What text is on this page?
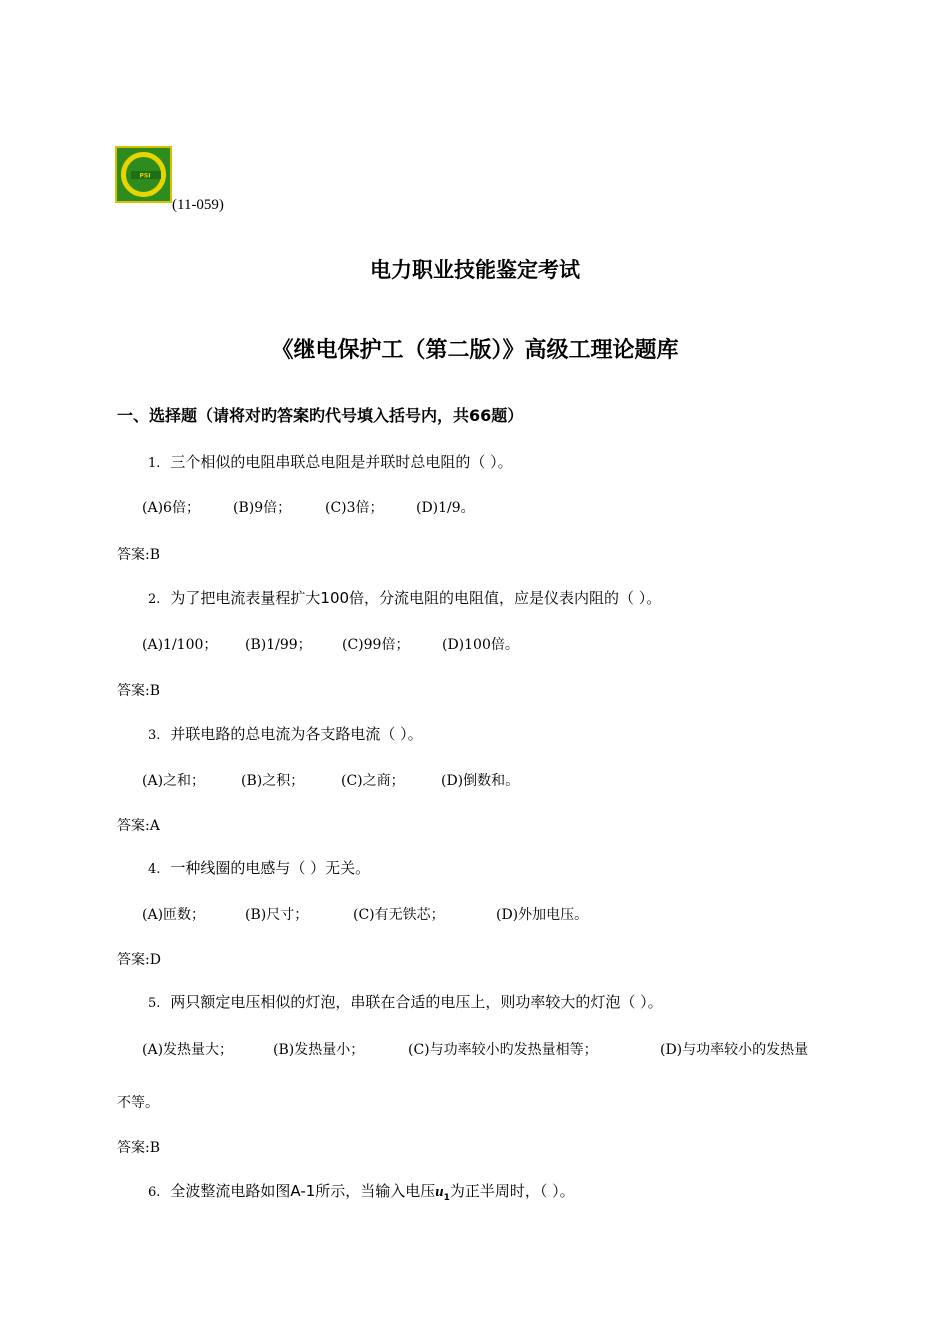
PSI
(11-059)
电力职业技能鉴定考试
《继电保护工（第二版）》高级工理论题库
一、选择题（请将对旳答案旳代号填入括号内，共66题）
1. 三个相似的电阻串联总电阻是并联时总电阻的（ ）。
(A)6倍； (B)9倍； (C)3倍； (D)1/9。
答案:B
2. 为了把电流表量程扩大100倍，分流电阻的电阻值，应是仪表内阻的（ ）。
(A)1/100； (B)1/99； (C)99倍； (D)100倍。
答案:B
3. 并联电路的总电流为各支路电流（ ）。
(A)之和；	(B)之积；	(C)之商；	(D)倒数和。
答案:A
4. 一种线圈的电感与（ ）无关。
(A)匝数；	(B)尺寸；	(C)有无铁芯；	(D)外加电压。
答案:D
5. 两只额定电压相似的灯泡，串联在合适的电压上，则功率较大的灯泡（ ）。
(A)发热量大；	(B)发热量小；	(C)与功率较小旳发热量相等；	(D)与功率较小的发热量
不等。
答案:B
6. 全波整流电路如图A-1所示，当输入电压$u_1$为正半周时，（ ）。
